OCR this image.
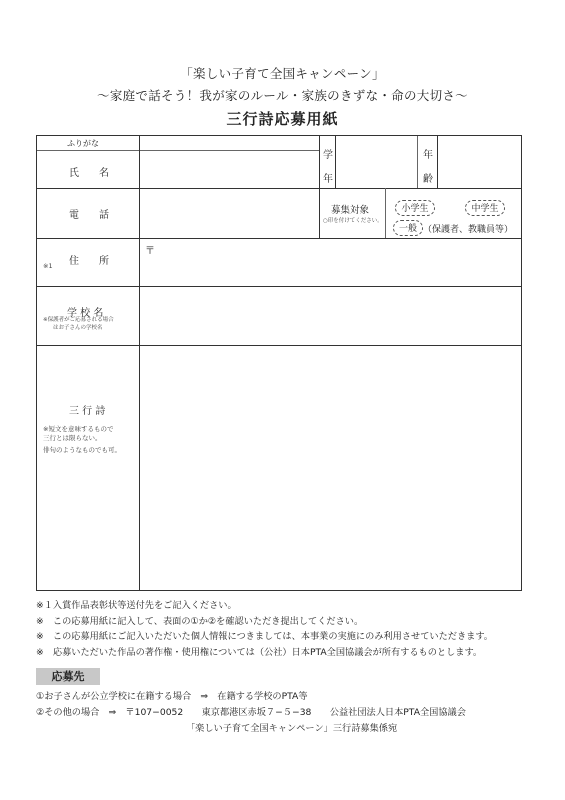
「楽しい子育て全国キャンペーン」
〜家庭で話そう！我が家のルール・家族のきずな・命の大切さ〜
三行詩応募用紙
ふりがな
氏　　名
学
年
年
齢
電　　話	募集対象
○印を付けてください。
小学生	中学生
一般 （保護者、教職員等）
住　　所
※1
〒
学 校 名
※保護者がご応募される場合
はお子さんの学校名
三 行 詩
※短文を意味するもので
三行とは限らない。
俳句のようなものでも可。
※１入賞作品表彰状等送付先をご記入ください。
※　この応募用紙に記入して、表面の①か②を確認いただき提出してください。
※　この応募用紙にご記入いただいた個人情報につきましては、本事業の実施にのみ利用させていただきます。
※　応募いただいた作品の著作権・使用権については（公社）日本PTA全国協議会が所有するものとします。
応募先
①お子さんが公立学校に在籍する場合　⇒　在籍する学校のPTA等
②その他の場合　⇒　〒107−0052　　東京都港区赤坂７−５−38　　公益社団法人日本PTA全国協議会
「楽しい子育て全国キャンペーン」三行詩募集係宛
